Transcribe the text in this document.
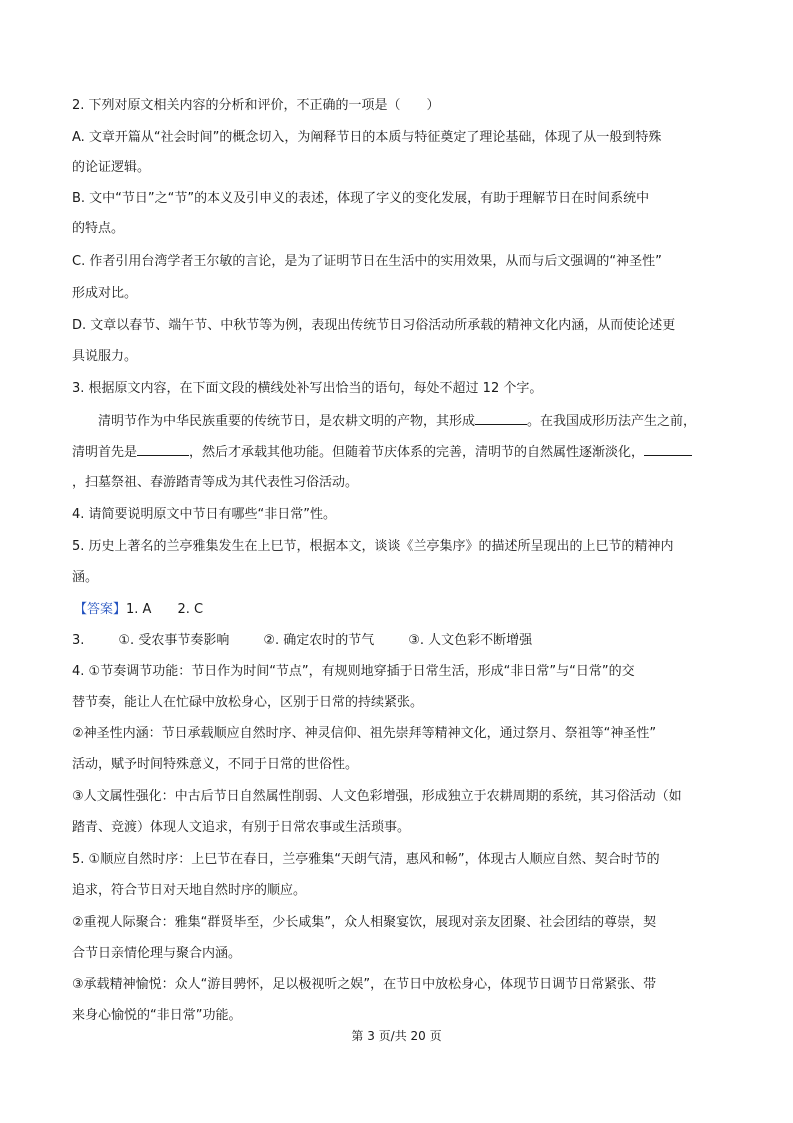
2. 下列对原文相关内容的分析和评价，不正确的一项是（　　）
A. 文章开篇从“社会时间”的概念切入，为阐释节日的本质与特征奠定了理论基础，体现了从一般到特殊
的论证逻辑。
B. 文中“节日”之“节”的本义及引申义的表述，体现了字义的变化发展，有助于理解节日在时间系统中
的特点。
C. 作者引用台湾学者王尔敏的言论，是为了证明节日在生活中的实用效果，从而与后文强调的“神圣性”
形成对比。
D. 文章以春节、端午节、中秋节等为例，表现出传统节日习俗活动所承载的精神文化内涵，从而使论述更
具说服力。
3. 根据原文内容，在下面文段的横线处补写出恰当的语句，每处不超过 12 个字。
清明节作为中华民族重要的传统节日，是农耕文明的产物，其形成	。在我国成形历法产生之前，
清明首先是	，然后才承载其他功能。但随着节庆体系的完善，清明节的自然属性逐渐淡化，
，扫墓祭祖、春游踏青等成为其代表性习俗活动。
4. 请简要说明原文中节日有哪些“非日常”性。
5. 历史上著名的兰亭雅集发生在上巳节，根据本文，谈谈《兰亭集序》的描述所呈现出的上巳节的精神内
涵。
【答案】1. A 2. C
3.	①. 受农事节奏影响	②. 确定农时的节气	③. 人文色彩不断增强
4. ①节奏调节功能：节日作为时间“节点”，有规则地穿插于日常生活，形成“非日常”与“日常”的交
替节奏，能让人在忙碌中放松身心，区别于日常的持续紧张。
②神圣性内涵：节日承载顺应自然时序、神灵信仰、祖先崇拜等精神文化，通过祭月、祭祖等“神圣性”
活动，赋予时间特殊意义，不同于日常的世俗性。
③人文属性强化：中古后节日自然属性削弱、人文色彩增强，形成独立于农耕周期的系统，其习俗活动（如
踏青、竞渡）体现人文追求，有别于日常农事或生活琐事。
5. ①顺应自然时序：上巳节在春日，兰亭雅集“天朗气清，惠风和畅”，体现古人顺应自然、契合时节的
追求，符合节日对天地自然时序的顺应。
②重视人际聚合：雅集“群贤毕至，少长咸集”，众人相聚宴饮，展现对亲友团聚、社会团结的尊崇，契
合节日亲情伦理与聚合内涵。
③承载精神愉悦：众人“游目骋怀，足以极视听之娱”，在节日中放松身心，体现节日调节日常紧张、带
来身心愉悦的“非日常”功能。
第 3 页/共 20 页
